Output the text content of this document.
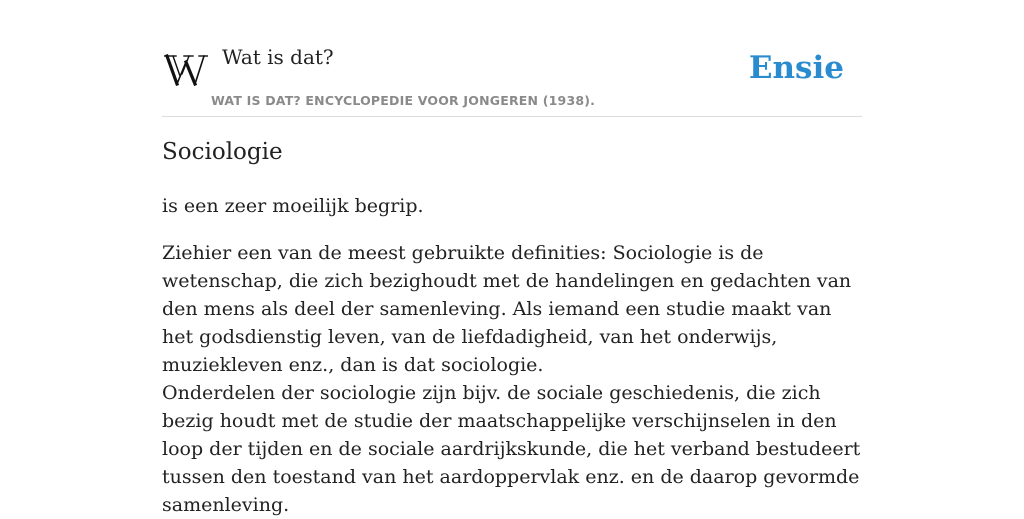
Wat is dat?
WAT IS DAT? ENCYCLOPEDIE VOOR JONGEREN (1938).
Ensie
Sociologie

is een zeer moeilijk begrip.

Ziehier een van de meest gebruikte definities: Sociologie is de wetenschap, die zich bezighoudt met de handelingen en gedachten van den mens als deel der samenleving. Als iemand een studie maakt van het godsdienstig leven, van de liefdadigheid, van het onderwijs, muziekleven enz., dan is dat sociologie.

Onderdelen der sociologie zijn bijv. de sociale geschiedenis, die zich bezig houdt met de studie der maatschappelijke verschijnselen in den loop der tijden en de sociale aardrijkskunde, die het verband bestudeert tussen den toestand van het aardoppervlak enz. en de daarop gevormde samenleving.
